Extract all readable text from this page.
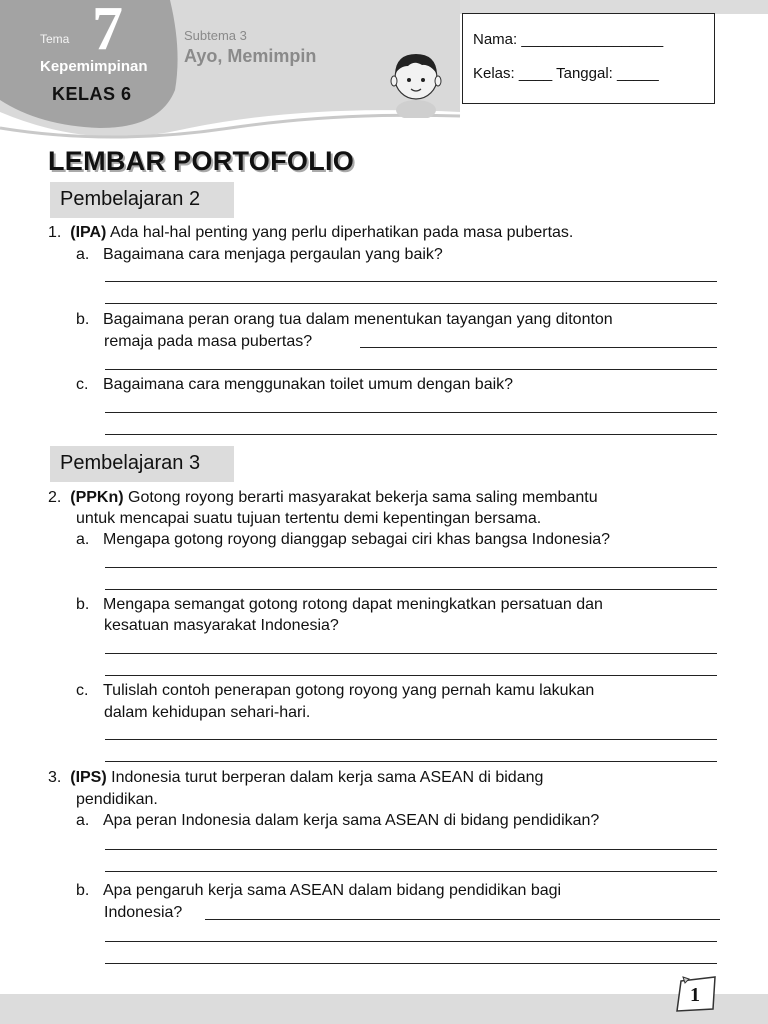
Tema 7
Kepemimpinan
KELAS 6
Subtema 3
Ayo, Memimpin
Nama: _________________
Kelas: ____ Tanggal: _____
LEMBAR PORTOFOLIO
Pembelajaran 2
1. (IPA) Ada hal-hal penting yang perlu diperhatikan pada masa pubertas.
a. Bagaimana cara menjaga pergaulan yang baik?
b. Bagaimana peran orang tua dalam menentukan tayangan yang ditonton
remaja pada masa pubertas?
c. Bagaimana cara menggunakan toilet umum dengan baik?
Pembelajaran 3
2. (PPKn) Gotong royong berarti masyarakat bekerja sama saling membantu
untuk mencapai suatu tujuan tertentu demi kepentingan bersama.
a. Mengapa gotong royong dianggap sebagai ciri khas bangsa Indonesia?
b. Mengapa semangat gotong rotong dapat meningkatkan persatuan dan
kesatuan masyarakat Indonesia?
c. Tulislah contoh penerapan gotong royong yang pernah kamu lakukan
dalam kehidupan sehari-hari.
3. (IPS) Indonesia turut berperan dalam kerja sama ASEAN di bidang
pendidikan.
a. Apa peran Indonesia dalam kerja sama ASEAN di bidang pendidikan?
b. Apa pengaruh kerja sama ASEAN dalam bidang pendidikan bagi
Indonesia?
1
